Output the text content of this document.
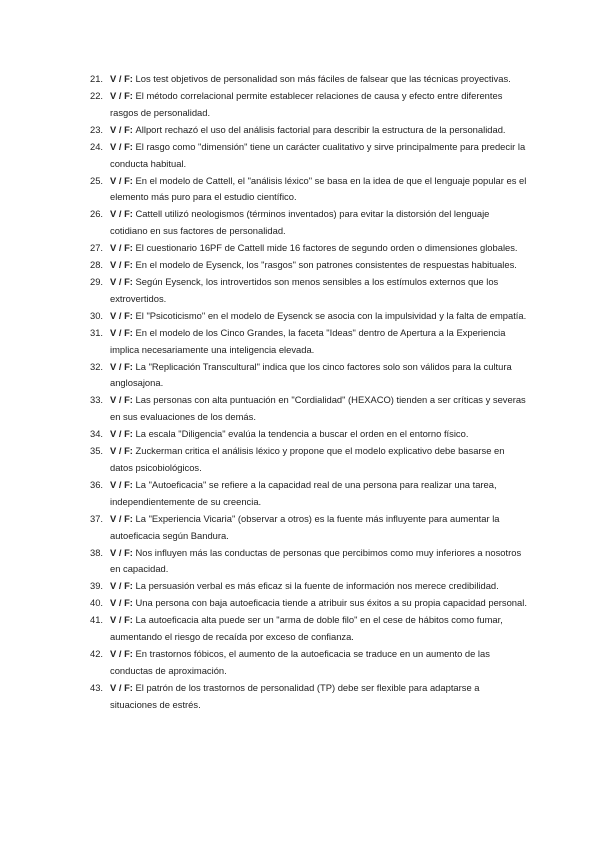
21. V / F: Los test objetivos de personalidad son más fáciles de falsear que las técnicas proyectivas.
22. V / F: El método correlacional permite establecer relaciones de causa y efecto entre diferentes rasgos de personalidad.
23. V / F: Allport rechazó el uso del análisis factorial para describir la estructura de la personalidad.
24. V / F: El rasgo como "dimensión" tiene un carácter cualitativo y sirve principalmente para predecir la conducta habitual.
25. V / F: En el modelo de Cattell, el "análisis léxico" se basa en la idea de que el lenguaje popular es el elemento más puro para el estudio científico.
26. V / F: Cattell utilizó neologismos (términos inventados) para evitar la distorsión del lenguaje cotidiano en sus factores de personalidad.
27. V / F: El cuestionario 16PF de Cattell mide 16 factores de segundo orden o dimensiones globales.
28. V / F: En el modelo de Eysenck, los "rasgos" son patrones consistentes de respuestas habituales.
29. V / F: Según Eysenck, los introvertidos son menos sensibles a los estímulos externos que los extrovertidos.
30. V / F: El "Psicoticismo" en el modelo de Eysenck se asocia con la impulsividad y la falta de empatía.
31. V / F: En el modelo de los Cinco Grandes, la faceta "Ideas" dentro de Apertura a la Experiencia implica necesariamente una inteligencia elevada.
32. V / F: La "Replicación Transcultural" indica que los cinco factores solo son válidos para la cultura anglosajona.
33. V / F: Las personas con alta puntuación en "Cordialidad" (HEXACO) tienden a ser críticas y severas en sus evaluaciones de los demás.
34. V / F: La escala "Diligencia" evalúa la tendencia a buscar el orden en el entorno físico.
35. V / F: Zuckerman critica el análisis léxico y propone que el modelo explicativo debe basarse en datos psicobiológicos.
36. V / F: La "Autoeficacia" se refiere a la capacidad real de una persona para realizar una tarea, independientemente de su creencia.
37. V / F: La "Experiencia Vicaria" (observar a otros) es la fuente más influyente para aumentar la autoeficacia según Bandura.
38. V / F: Nos influyen más las conductas de personas que percibimos como muy inferiores a nosotros en capacidad.
39. V / F: La persuasión verbal es más eficaz si la fuente de información nos merece credibilidad.
40. V / F: Una persona con baja autoeficacia tiende a atribuir sus éxitos a su propia capacidad personal.
41. V / F: La autoeficacia alta puede ser un "arma de doble filo" en el cese de hábitos como fumar, aumentando el riesgo de recaída por exceso de confianza.
42. V / F: En trastornos fóbicos, el aumento de la autoeficacia se traduce en un aumento de las conductas de aproximación.
43. V / F: El patrón de los trastornos de personalidad (TP) debe ser flexible para adaptarse a situaciones de estrés.
